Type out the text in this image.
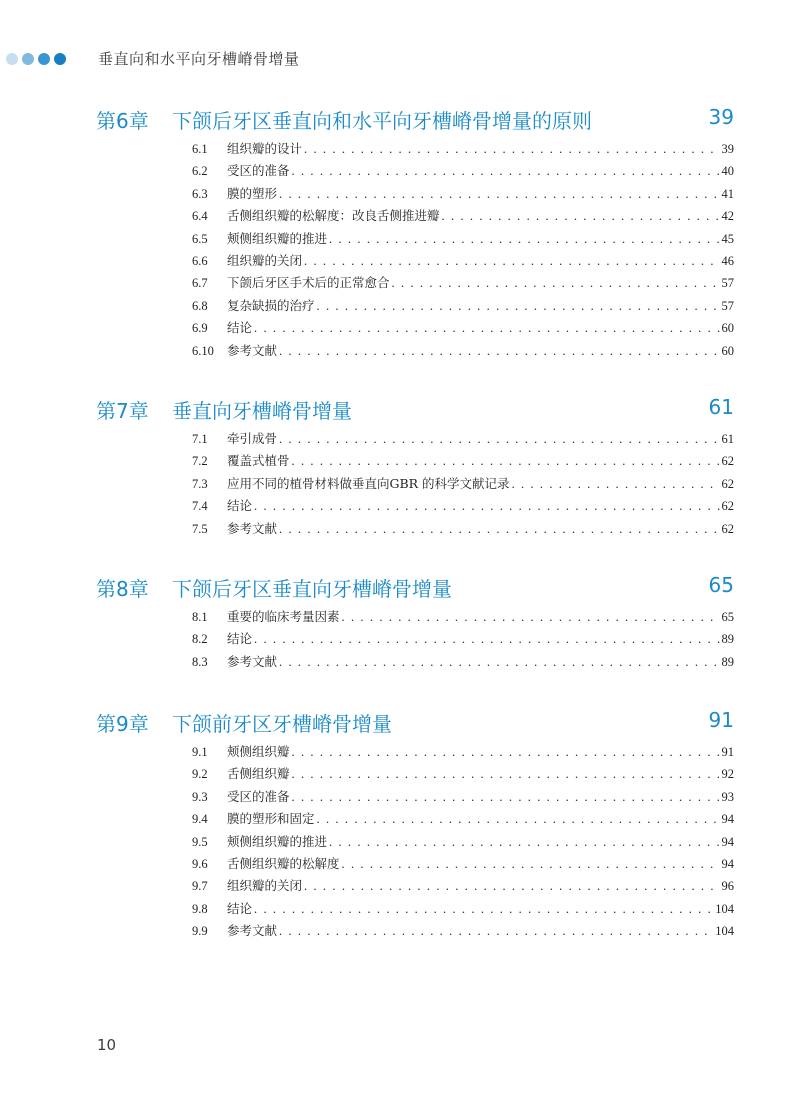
垂直向和水平向牙槽嵴骨增量
第6章 下颌后牙区垂直向和水平向牙槽嵴骨增量的原则	39
6.1 组织瓣的设计 . . .	39
6.2 受区的准备 . . .	40
6.3 膜的塑形 . . .	41
6.4 舌侧组织瓣的松解度：改良舌侧推进瓣 . . .	42
6.5 颊侧组织瓣的推进 . . .	45
6.6 组织瓣的关闭 . . .	46
6.7 下颌后牙区手术后的正常愈合 . . .	57
6.8 复杂缺损的治疗 . . .	57
6.9 结论 . . .	60
6.10 参考文献 . . .	60
第7章 垂直向牙槽嵴骨增量	61
7.1 牵引成骨 . . .	61
7.2 覆盖式植骨 . . .	62
7.3 应用不同的植骨材料做垂直向GBR 的科学文献记录 . . .	62
7.4 结论 . . .	62
7.5 参考文献 . . .	62
第8章 下颌后牙区垂直向牙槽嵴骨增量	65
8.1 重要的临床考量因素 . . .	65
8.2 结论 . . .	89
8.3 参考文献 . . .	89
第9章 下颌前牙区牙槽嵴骨增量	91
9.1 颊侧组织瓣 . . .	91
9.2 舌侧组织瓣 . . .	92
9.3 受区的准备 . . .	93
9.4 膜的塑形和固定 . . .	94
9.5 颊侧组织瓣的推进 . . .	94
9.6 舌侧组织瓣的松解度 . . .	94
9.7 组织瓣的关闭 . . .	96
9.8 结论 . . .	104
9.9 参考文献 . . .	104
10
